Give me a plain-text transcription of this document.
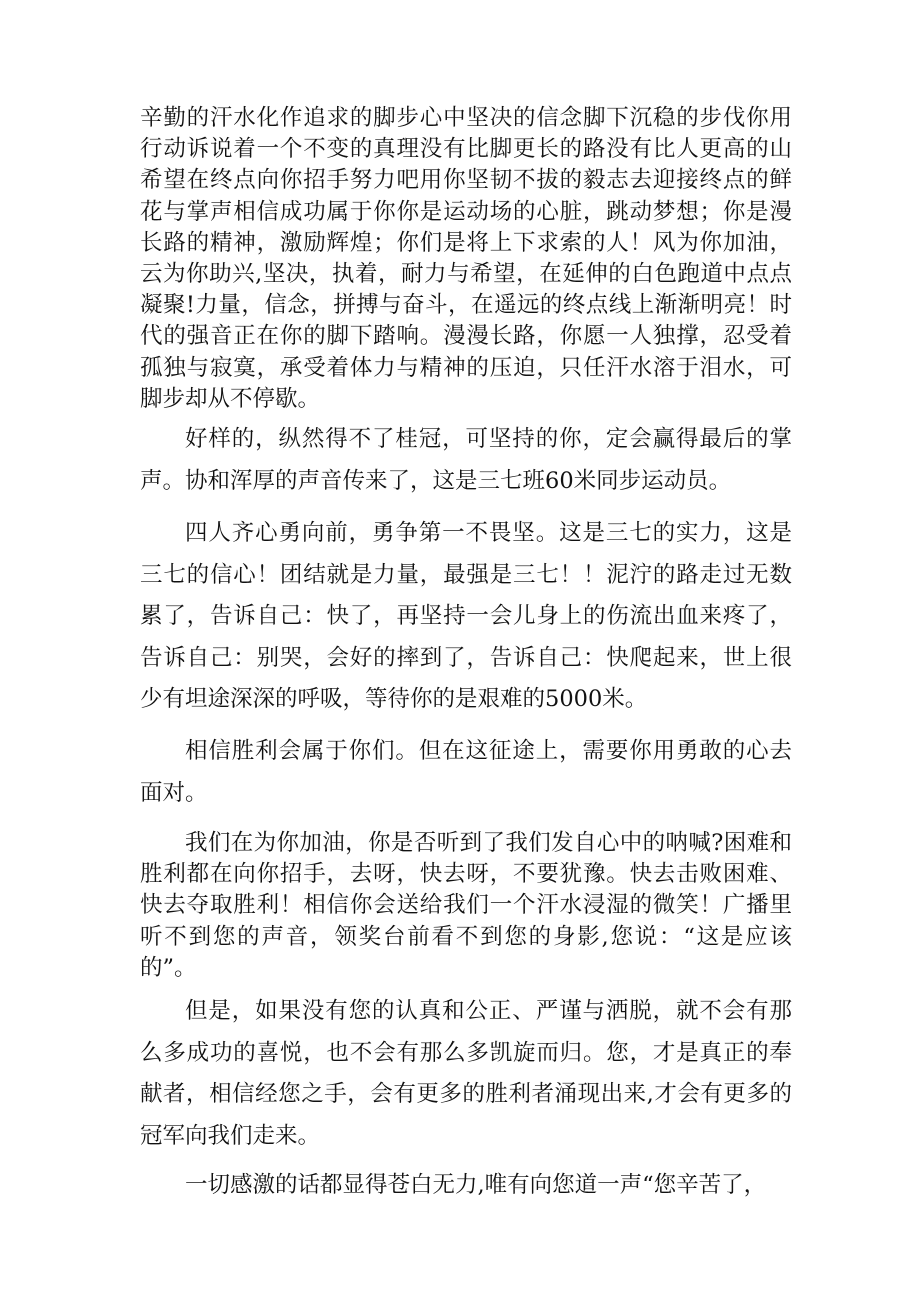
辛勤的汗水化作追求的脚步心中坚决的信念脚下沉稳的步伐你用行动诉说着一个不变的真理没有比脚更长的路没有比人更高的山希望在终点向你招手努力吧用你坚韧不拔的毅志去迎接终点的鲜花与掌声相信成功属于你你是运动场的心脏，跳动梦想；你是漫长路的精神，激励辉煌；你们是将上下求索的人！风为你加油，云为你助兴,坚决，执着，耐力与希望，在延伸的白色跑道中点点凝聚!力量，信念，拼搏与奋斗，在遥远的终点线上渐渐明亮！时代的强音正在你的脚下踏响。漫漫长路，你愿一人独撑，忍受着孤独与寂寞，承受着体力与精神的压迫，只任汗水溶于泪水，可脚步却从不停歇。

好样的，纵然得不了桂冠，可坚持的你，定会赢得最后的掌声。协和浑厚的声音传来了，这是三七班60米同步运动员。

四人齐心勇向前，勇争第一不畏坚。这是三七的实力，这是三七的信心！团结就是力量，最强是三七！！泥泞的路走过无数累了，告诉自己：快了，再坚持一会儿身上的伤流出血来疼了，告诉自己：别哭，会好的摔到了，告诉自己：快爬起来，世上很少有坦途深深的呼吸，等待你的是艰难的5000米。

相信胜利会属于你们。但在这征途上，需要你用勇敢的心去面对。

我们在为你加油，你是否听到了我们发自心中的呐喊?困难和胜利都在向你招手，去呀，快去呀，不要犹豫。快去击败困难、快去夺取胜利！相信你会送给我们一个汗水浸湿的微笑！广播里听不到您的声音，领奖台前看不到您的身影,您说：“这是应该的”。

但是，如果没有您的认真和公正、严谨与洒脱，就不会有那么多成功的喜悦，也不会有那么多凯旋而归。您，才是真正的奉献者，相信经您之手，会有更多的胜利者涌现出来,才会有更多的冠军向我们走来。

一切感激的话都显得苍白无力,唯有向您道一声“您辛苦了，
